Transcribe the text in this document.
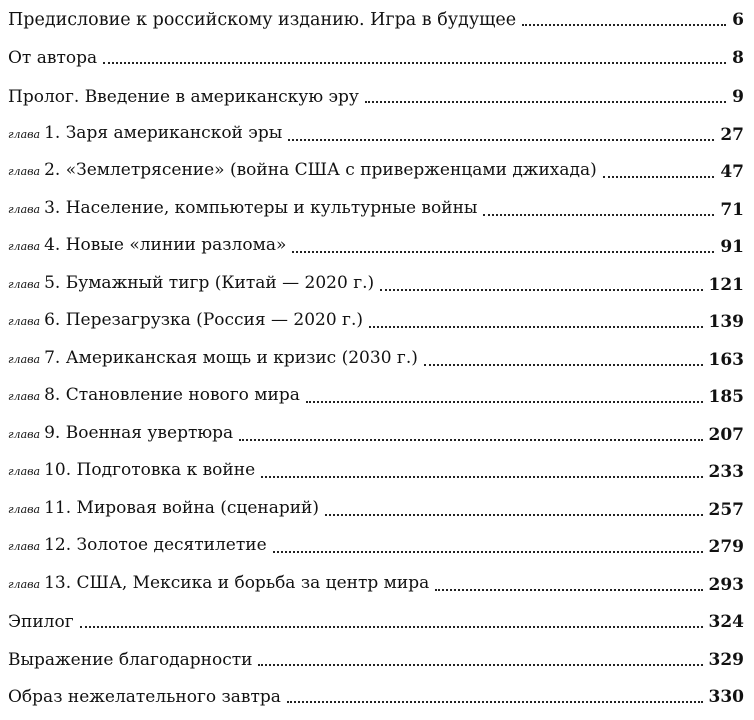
Предисловие к российскому изданию. Игра в будущее	6
От автора	8
Пролог. Введение в американскую эру	9
глава 1. Заря американской эры	27
глава 2. «Землетрясение» (война США с приверженцами джихада)	47
глава 3. Население, компьютеры и культурные войны	71
глава 4. Новые «линии разлома»	91
глава 5. Бумажный тигр (Китай — 2020 г.)	121
глава 6. Перезагрузка (Россия — 2020 г.)	139
глава 7. Американская мощь и кризис (2030 г.)	163
глава 8. Становление нового мира	185
глава 9. Военная увертюра	207
глава 10. Подготовка к войне	233
глава 11. Мировая война (сценарий)	257
глава 12. Золотое десятилетие	279
глава 13. США, Мексика и борьба за центр мира	293
Эпилог	324
Выражение благодарности	329
Образ нежелательного завтра	330
